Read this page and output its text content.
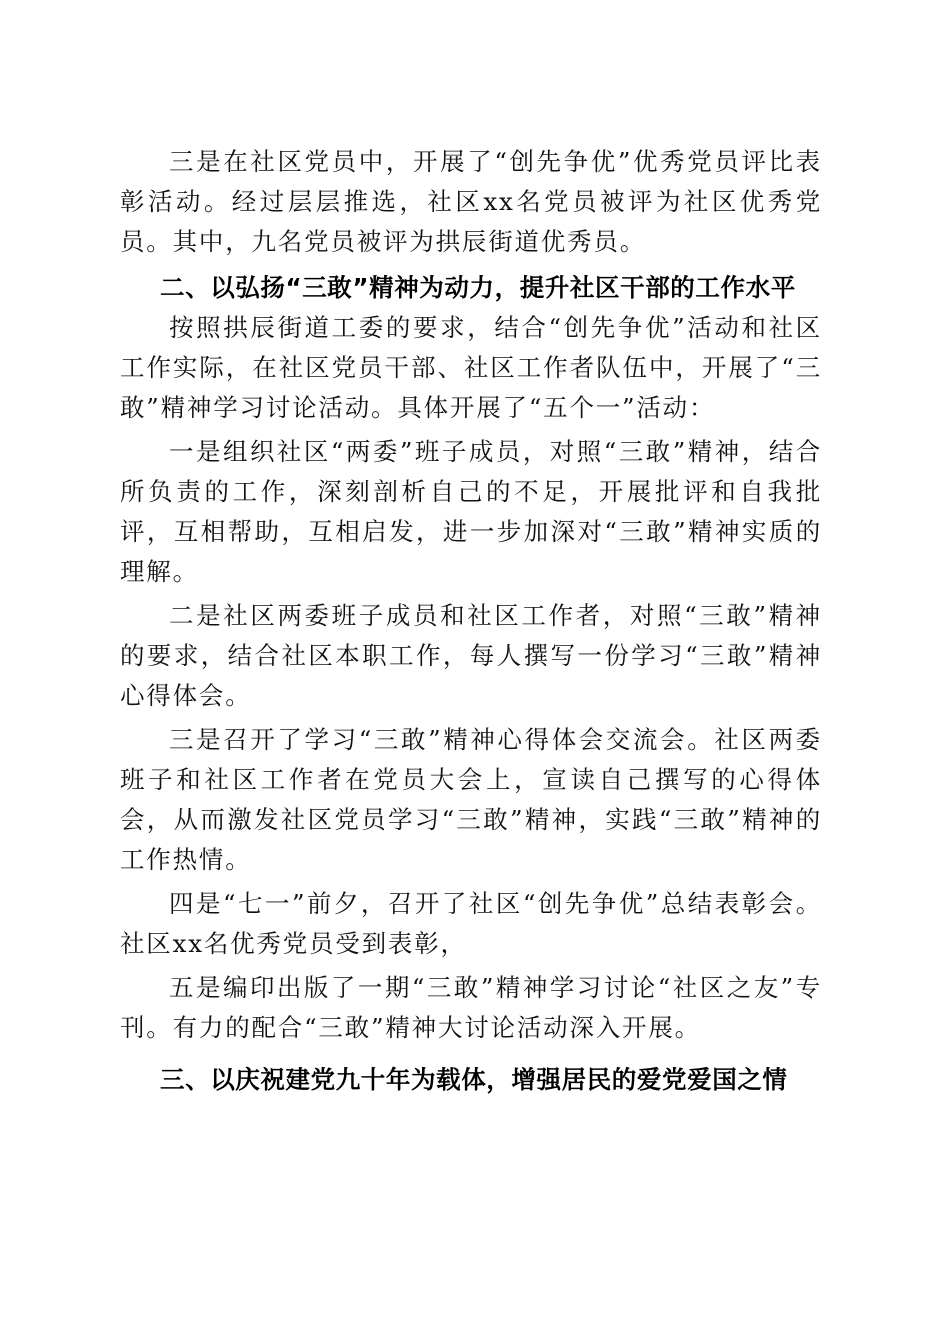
三是在社区党员中，开展了“创先争优”优秀党员评比表彰活动。经过层层推选，社区xx名党员被评为社区优秀党员。其中，九名党员被评为拱辰街道优秀员。

二、以弘扬“三敢”精神为动力，提升社区干部的工作水平

按照拱辰街道工委的要求，结合“创先争优”活动和社区工作实际，在社区党员干部、社区工作者队伍中，开展了“三敢”精神学习讨论活动。具体开展了“五个一”活动：

一是组织社区“两委”班子成员，对照“三敢”精神，结合所负责的工作，深刻剖析自己的不足，开展批评和自我批评，互相帮助，互相启发，进一步加深对“三敢”精神实质的理解。

二是社区两委班子成员和社区工作者，对照“三敢”精神的要求，结合社区本职工作，每人撰写一份学习“三敢”精神心得体会。

三是召开了学习“三敢”精神心得体会交流会。社区两委班子和社区工作者在党员大会上，宣读自己撰写的心得体会，从而激发社区党员学习“三敢”精神，实践“三敢”精神的工作热情。

四是“七一”前夕，召开了社区“创先争优”总结表彰会。社区xx名优秀党员受到表彰，

五是编印出版了一期“三敢”精神学习讨论“社区之友”专刊。有力的配合“三敢”精神大讨论活动深入开展。

三、以庆祝建党九十年为载体，增强居民的爱党爱国之情
